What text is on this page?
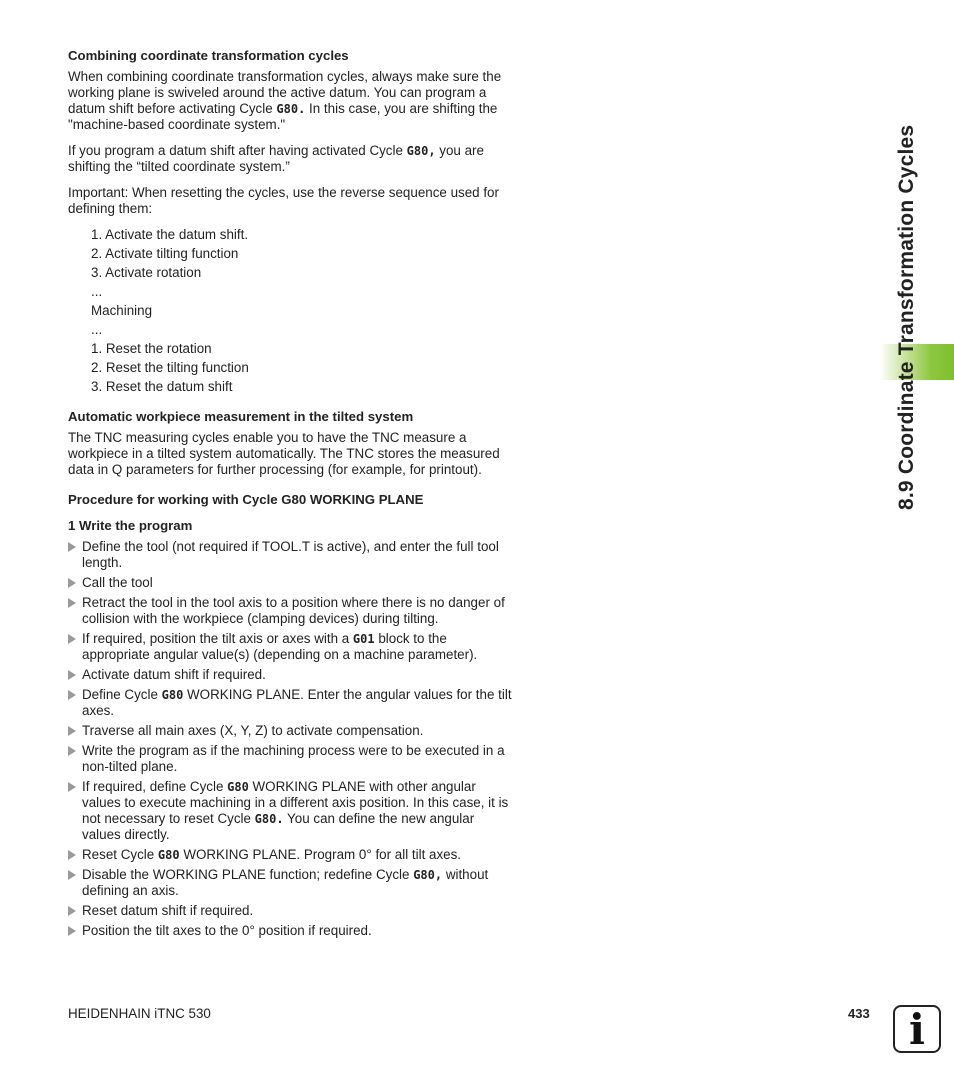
8.9 Coordinate Transformation Cycles
Combining coordinate transformation cycles

When combining coordinate transformation cycles, always make sure the working plane is swiveled around the active datum. You can program a datum shift before activating Cycle G80. In this case, you are shifting the "machine-based coordinate system."

If you program a datum shift after having activated Cycle G80, you are shifting the “tilted coordinate system.”

Important: When resetting the cycles, use the reverse sequence used for defining them:

1. Activate the datum shift.
2. Activate tilting function
3. Activate rotation
...
Machining
...
1. Reset the rotation
2. Reset the tilting function
3. Reset the datum shift
Automatic workpiece measurement in the tilted system

The TNC measuring cycles enable you to have the TNC measure a workpiece in a tilted system automatically. The TNC stores the measured data in Q parameters for further processing (for example, for printout).

Procedure for working with Cycle G80 WORKING PLANE
1 Write the program
Define the tool (not required if TOOL.T is active), and enter the full tool length.
Call the tool
Retract the tool in the tool axis to a position where there is no danger of collision with the workpiece (clamping devices) during tilting.
If required, position the tilt axis or axes with a G01 block to the appropriate angular value(s) (depending on a machine parameter).
Activate datum shift if required.
Define Cycle G80 WORKING PLANE. Enter the angular values for the tilt axes.
Traverse all main axes (X, Y, Z) to activate compensation.
Write the program as if the machining process were to be executed in a non-tilted plane.
If required, define Cycle G80 WORKING PLANE with other angular values to execute machining in a different axis position. In this case, it is not necessary to reset Cycle G80. You can define the new angular values directly.
Reset Cycle G80 WORKING PLANE. Program 0° for all tilt axes.
Disable the WORKING PLANE function; redefine Cycle G80, without defining an axis.
Reset datum shift if required.
Position the tilt axes to the 0° position if required.
HEIDENHAIN iTNC 530	433 i
